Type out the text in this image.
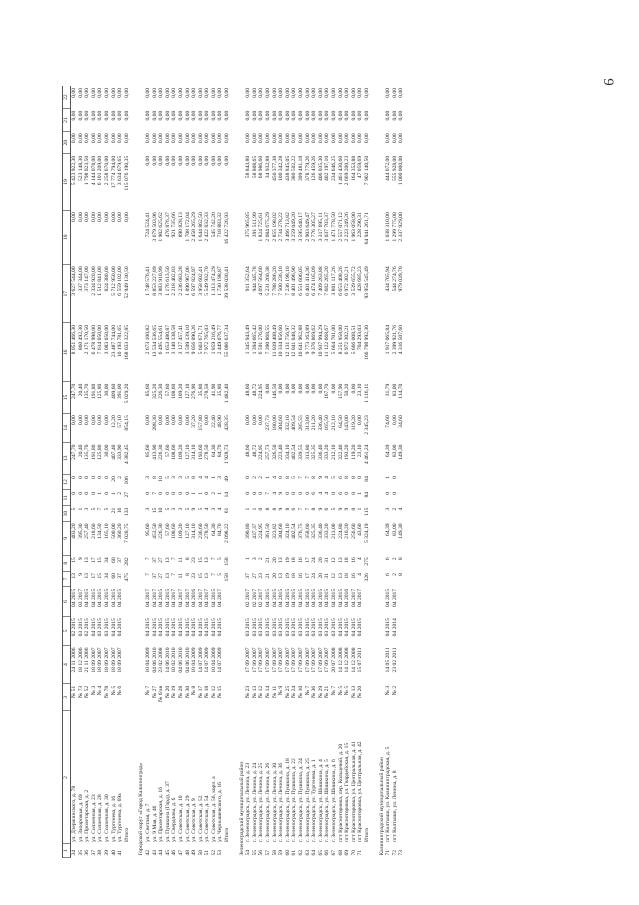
9
1	2	3	4	5	6	7	8	9	10	11	12	13	14	15	16	17	18	19	20	21	22
34	ул. Дзержинского, д. 78	№ 51	24 11 2006	02 2015	04 2015	13	15	403,20	5	0	0	247,70	0,00	247,70	8 051 466,30	3 627 544,00	0,00	5 423 922,30	0,00	0,00	0,00
35	ул. Запорожья, д. 69	№ 73	18 12 2006	03 2015	03 2017	9	9	395,30	1	0	0	20,40	0,00	20,40	860 492,30	337 344,00	0,00	523 148,30	0,00	0,00	0,00
36	ул. Пролетарская, д. 2	№ 52	21 11 2006	02 2015	04 2015	13	13	257,40	3	0	0	135,70	0,00	135,70	2 171 170,50	373 147,00	0,00	1 798 023,50	0,00	0,00	0,00
37	ул. Солнечная, д. 23	№ 3	18 09 2007	04 2015	04 2015	17	17	218,60	5	0	0	191,80	0,00	191,80	6 478 998,00	2 334 920,00	0,00	4 144 078,00	0,00	0,00	0,00
38	ул. Солнечная, д. 28	№ 4	18 09 2007	03 2015	04 2015	15	15	134,50	7	1	0	125,80	0,00	125,80	7 614 050,00	1 512 841,00	0,00	6 101 209,00	0,00	0,00	0,00
39	ул. Солнечная, д. 30	№ 78	18 09 2007	03 2015	04 2015	34	34	165,10	5	0	0	30,00	0,00	30,00	3 083 050,00	824 380,00	0,00	2 258 670,00	0,00	0,00	0,00
40	ул. Тургенева, д. 16	№ 5	18 09 2007	04 2015	04 2015	60	60	500,00	21	1	20	407,40	12,20	409,60	23 487 744,00	5 712 950,00	0,00	17 774 794,00	0,00	0,00	0,00
41	ул. Тургенева, д. 69а	№ 6	18 09 2007	04 2015	04 2015	37	37	360,20	16	2	2	333,90	57,10	391,00	10 193 781,65	6 559 102,00	0,00	3 634 679,65	0,00	0,00	0,00
	Итого					475	282	7 028,75	133	27	106	4 382,45	854,15	5 029,20	168 033 322,85	52 949 130,50	0,00	115 076 190,35	0,00	0,00	0,00

Городской округ «Город Калининград»																					
42	ул. Светлая, д. 7	№ 7	10 04 2009	04 2015	04 2017	7	7	95,60	3	0	3	85,60	0,00	85,60	2 673 100,82	1 748 576,41	724 524,41	0,00	0,00	0,00	0,00
43	ул. 9 Мая, д. 46	№ 27	04 06 2010	04 2015	04 2017	37	37	453,50	15	7	8	413,90	288,30	325,20	13 534 536,65	8 853 227,89	3 679 503,96	0,00	0,00	0,00	0,00
44	ул. Пролетарская, д. 16	№ 6/ав	23 02 2008	04 2015	04 2015	27	27	226,30	10	0	10	226,30	0,00	226,30	6 495 554,61	3 883 910,99	1 902 625,62	0,00	0,00	0,00	0,00
45	ул. Пушкина (Горд), д. 37	№ 20	14 06 2010	04 2015	04 2015	13	13	57,60	5	0	5	57,60	0,00	57,60	1 653 480,87	1 176 613,50	476 876,37	0,00	0,00	0,00	0,00
46	ул. Свердлова, д. 6	№ 19	10 02 2010	04 2015	04 2017	7	7	108,60	3	0	3	108,60	0,00	108,60	3 140 138,58	2 218 402,83	921 735,66	0,00	0,00	0,00	0,00
47	ул. Советская, д. 10	№ 28	04 06 2010	04 2015	04 2017	11	11	109,20	3	0	3	109,20	0,00	109,20	3 127 457,41	2 236 683,28	890 828,13	0,00	0,00	0,00	0,00
48	ул. Советская, д. 29	№ 30	04 06 2010	04 2015	04 2017	8	8	127,10	5	0	5	127,10	0,00	127,10	3 599 139,10	1 890 967,06	1 708 172,04	0,00	0,00	0,00	0,00
49	ул. Советская, д. 9	№ 8	10 04 2009	04 2015	04 2016	23	23	314,10	9	1	8	314,10	37,20	276,90	9 056 090,26	6 597 824,97	2 458 265,29	0,00	0,00	0,00	0,00
50	ул. Советская, д. 52	№ 17	14 07 2009	04 2015	04 2017	15	15	236,60	5	1	4	193,60	157,80	35,80	5 603 671,71	3 958 602,41	1 644 862,50	0,00	0,00	0,00	0,00
51	ул. Советская, д. 54	№ 18	14 07 2009	04 2015	04 2017	13	13	278,50	4	0	4	278,50	0,00	278,50	7 972 765,03	5 549 932,70	2 422 832,33	0,00	0,00	0,00	0,00
52	ул. Советская, д. 56, корп. а	№ 12	10 04 2009	04 2015	04 2015	7	7	64,30	3	2	1	64,30	22,40	41,90	1 859 216,49	1 313 474,29	545 742,20	0,00	0,00	0,00	0,00
53	ул. Чернышевского, д. 16	№ 15	14 07 2009	04 2015	04 2017	5	5	84,70	4	1	3	84,70	48,90	35,80	2 449 076,77	1 730 198,87	718 883,32	0,00	0,00	0,00	0,00
	Итого					158	158	2 098,22	61	14	49	1 928,73	428,35	1 482,40	55 086 637,34	39 538 030,41	16 422 726,93	0,00	0,00	0,00	0,00

Зеленоградский муниципальный район																					
54	г. Зеленоградск, ул. Ленина, д. 23	№ 23	17 09 2007	03 2015	02 2017	37	1	390,80	1	0	0	48,60	0,00	48,60	1 345 943,49	911 352,64	375 965,85	58 843,80	0,00	0,00	0,00
55	г. Зеленоградск, ул. Ленина, д. 24	№ 13	17 09 2007	03 2015	02 2017	27	3	437,37	1	0	2	48,72	0,00	48,72	1 394 665,42	944 345,78	391 511,99	58 808,65	0,00	0,00	0,00
56	г. Зеленоградск, ул. Ленина, д. 25	№ 12	17 09 2007	03 2015	02 2017	23	2	224,95	0	0	2	224,95	0,00	224,95	6 591 276,00	4 697 564,60	1 824 725,61	68 986,60	0,00	0,00	0,00
57	г. Зеленоградск, ул. Ленина, д. 26	№ 14	17 09 2007	03 2015	04 2015	21	21	361,50	8	7	1	257,73	237,73	0,00	7 390 868,55	5 231 260,38	2 084 675,29	34 932,88	0,00	0,00	0,00
58	г. Зеленоградск, ул. Ленина, д. 30	№ 11	17 09 2007	03 2015	04 2015	20	20	323,82	8	4	4	326,50	180,00	146,50	11 039 408,49	7 788 286,20	2 855 198,02	450 377,38	0,00	0,00	0,00
59	г. Зеленоградск, ул. Ленина, д. 36	№ 9	17 09 2007	03 2015	04 2015	13	13	304,60	9	9	0	223,40	304,60	0,00	10 334 856,60	7 500 236,10	2 734 278,22	100 342,28	0,00	0,00	0,00
60	г. Зеленоградск, ул. Пушкина, д. 18	№ 25	17 09 2007	03 2015	04 2015	19	19	324,10	8	0	8	334,10	332,10	0,00	12 131 756,97	7 236 198,10	3 466 713,82	438 845,05	0,00	0,00	0,00
61	г. Зеленоградск, ул. Пушкина, д. 22	№ 24	17 09 2007	03 2015	04 2015	18	18	402,54	6	0	5	402,54	409,54	0,00	12 041 048,32	8 401 496,90	3 259 049,20	380 502,22	0,00	0,00	0,00
62	г. Зеленоградск, ул. Пушкина, д. 24	№ 10	17 09 2007	03 2015	04 2015	16	16	376,75	7	0	7	339,55	285,55	0,00	10 641 962,88	6 551 606,05	3 595 640,17	399 481,18	0,00	0,00	0,00
63	г. Зеленоградск, ул. Пушкина, д. 25	№ 7	17 09 2007	03 2015	04 2015	17	17	358,60	7	0	7	313,80	313,80	0,00	9 773 163,89	6 401 414,36	2 903 649,47	378 779,26	0,00	0,00	0,00
64	г. Зеленоградск, ул. Тургенева, д. 1	№ 36	17 09 2007	03 2015	04 2015	24	24	325,35	8	6	8	325,35	211,20	0,00	9 376 869,62	6 474 105,09	2 776 305,27	126 459,26	0,00	0,00	0,00
65	г. Зеленоградск, ул. Шишкина, д. 4	№ 29	17 09 2007	03 2015	04 2015	20	20	336,40	9	4	9	336,40	336,40	0,00	10 937 994,29	7 409 263,88	3 317 695,11	406 035,30	0,00	0,00	0,00
66	г. Зеленоградск, ул. Шишкина, д. 5	№ 21	17 09 2007	03 2015	04 2015	31	31	333,20	6	4	4	333,20	165,50	167,70	11 122 668,67	7 682 265,20	3 037 703,37	402 197,10	0,00	0,00	0,00
67	г. Зеленоградск, ул. Шишкина, д. 6	№ 7	20 07 2008	03 2015	04 2015	12	12	213,00	5	0	5	212,10	212,10	0,00	5 664 701,00	3 801 117,26	1 471 778,50	234 646,25	0,00	0,00	0,00
68	пгт Красноторовка, пер. Кольцевой, д. 20	№ 5	14 12 2008	04 2015	04 2015	13	13	224,80	9	6	6	322,40	64,50	157,90	8 251 958,00	6 653 408,26	2 557 071,12	1 461 430,60	0,00	0,00	0,00
69	пгт Красноторовка, ул. Гвардейская, д. 15	№ 5	14 12 2008	04 2015	04 2016	18	18	210,20	9	0	8	193,20	143,00	50,20	6 972 302,21	6 972 302,21	2 223 249,26	2 669 200,23	0,00	0,00	0,00
70	пгт Красноторовка, ул. Центральная, д. 41	№ 13	14 12 2008	04 2015	04 2017	16	16	256,60	0	0	8	119,20	119,20	0,00	5 666 008,51	3 539 655,72	1 963 058,90	164 353,88	0,00	0,00	0,00
71	пгт Красноторовка, ул. Центральная, д. 42	№ 20	15 07 2011	04 2015	04 2017	4	4	43,60	1	1	0	23,10	0,00	23,10	704 293,03	428 685,23	228 290,31	47 059,69	0,00	0,00	0,00
	Итого					326	275	5 324,19	115	84	84	4 461,24	2 345,23	1 116,11	166 798 992,30	93 954 545,49	64 941 261,71	7 902 140,50	0,00	0,00	0,00

Калининградский муниципальный район																					
71	пгт Колтыши, ул. Калининградская, д. 5	№ 3	14 05 2011	04 2015	04 2015	6	6	64,39	3	0	1	64,39	74,60	31,79	1 917 065,84	434 765,94	1 038 310,00	444 072,00	0,00	0,00	0,00
72	пгт Колтыши, ул. Ленина, д. 8	№ 2	23 02 2011	04 2014	04 2017	2	2	83,00	2	0	0	83,00	0,00	83,00	2 399 921,76	544 274,76	1 299 775,00	555 928,00	0,00	0,00	0,00
73						8	8	149,30	4			149,30	34,60	114,70	4 316 507,60	979 039,70	2 337 929,00	1 000 000,00	0,00	0,00	0,00
